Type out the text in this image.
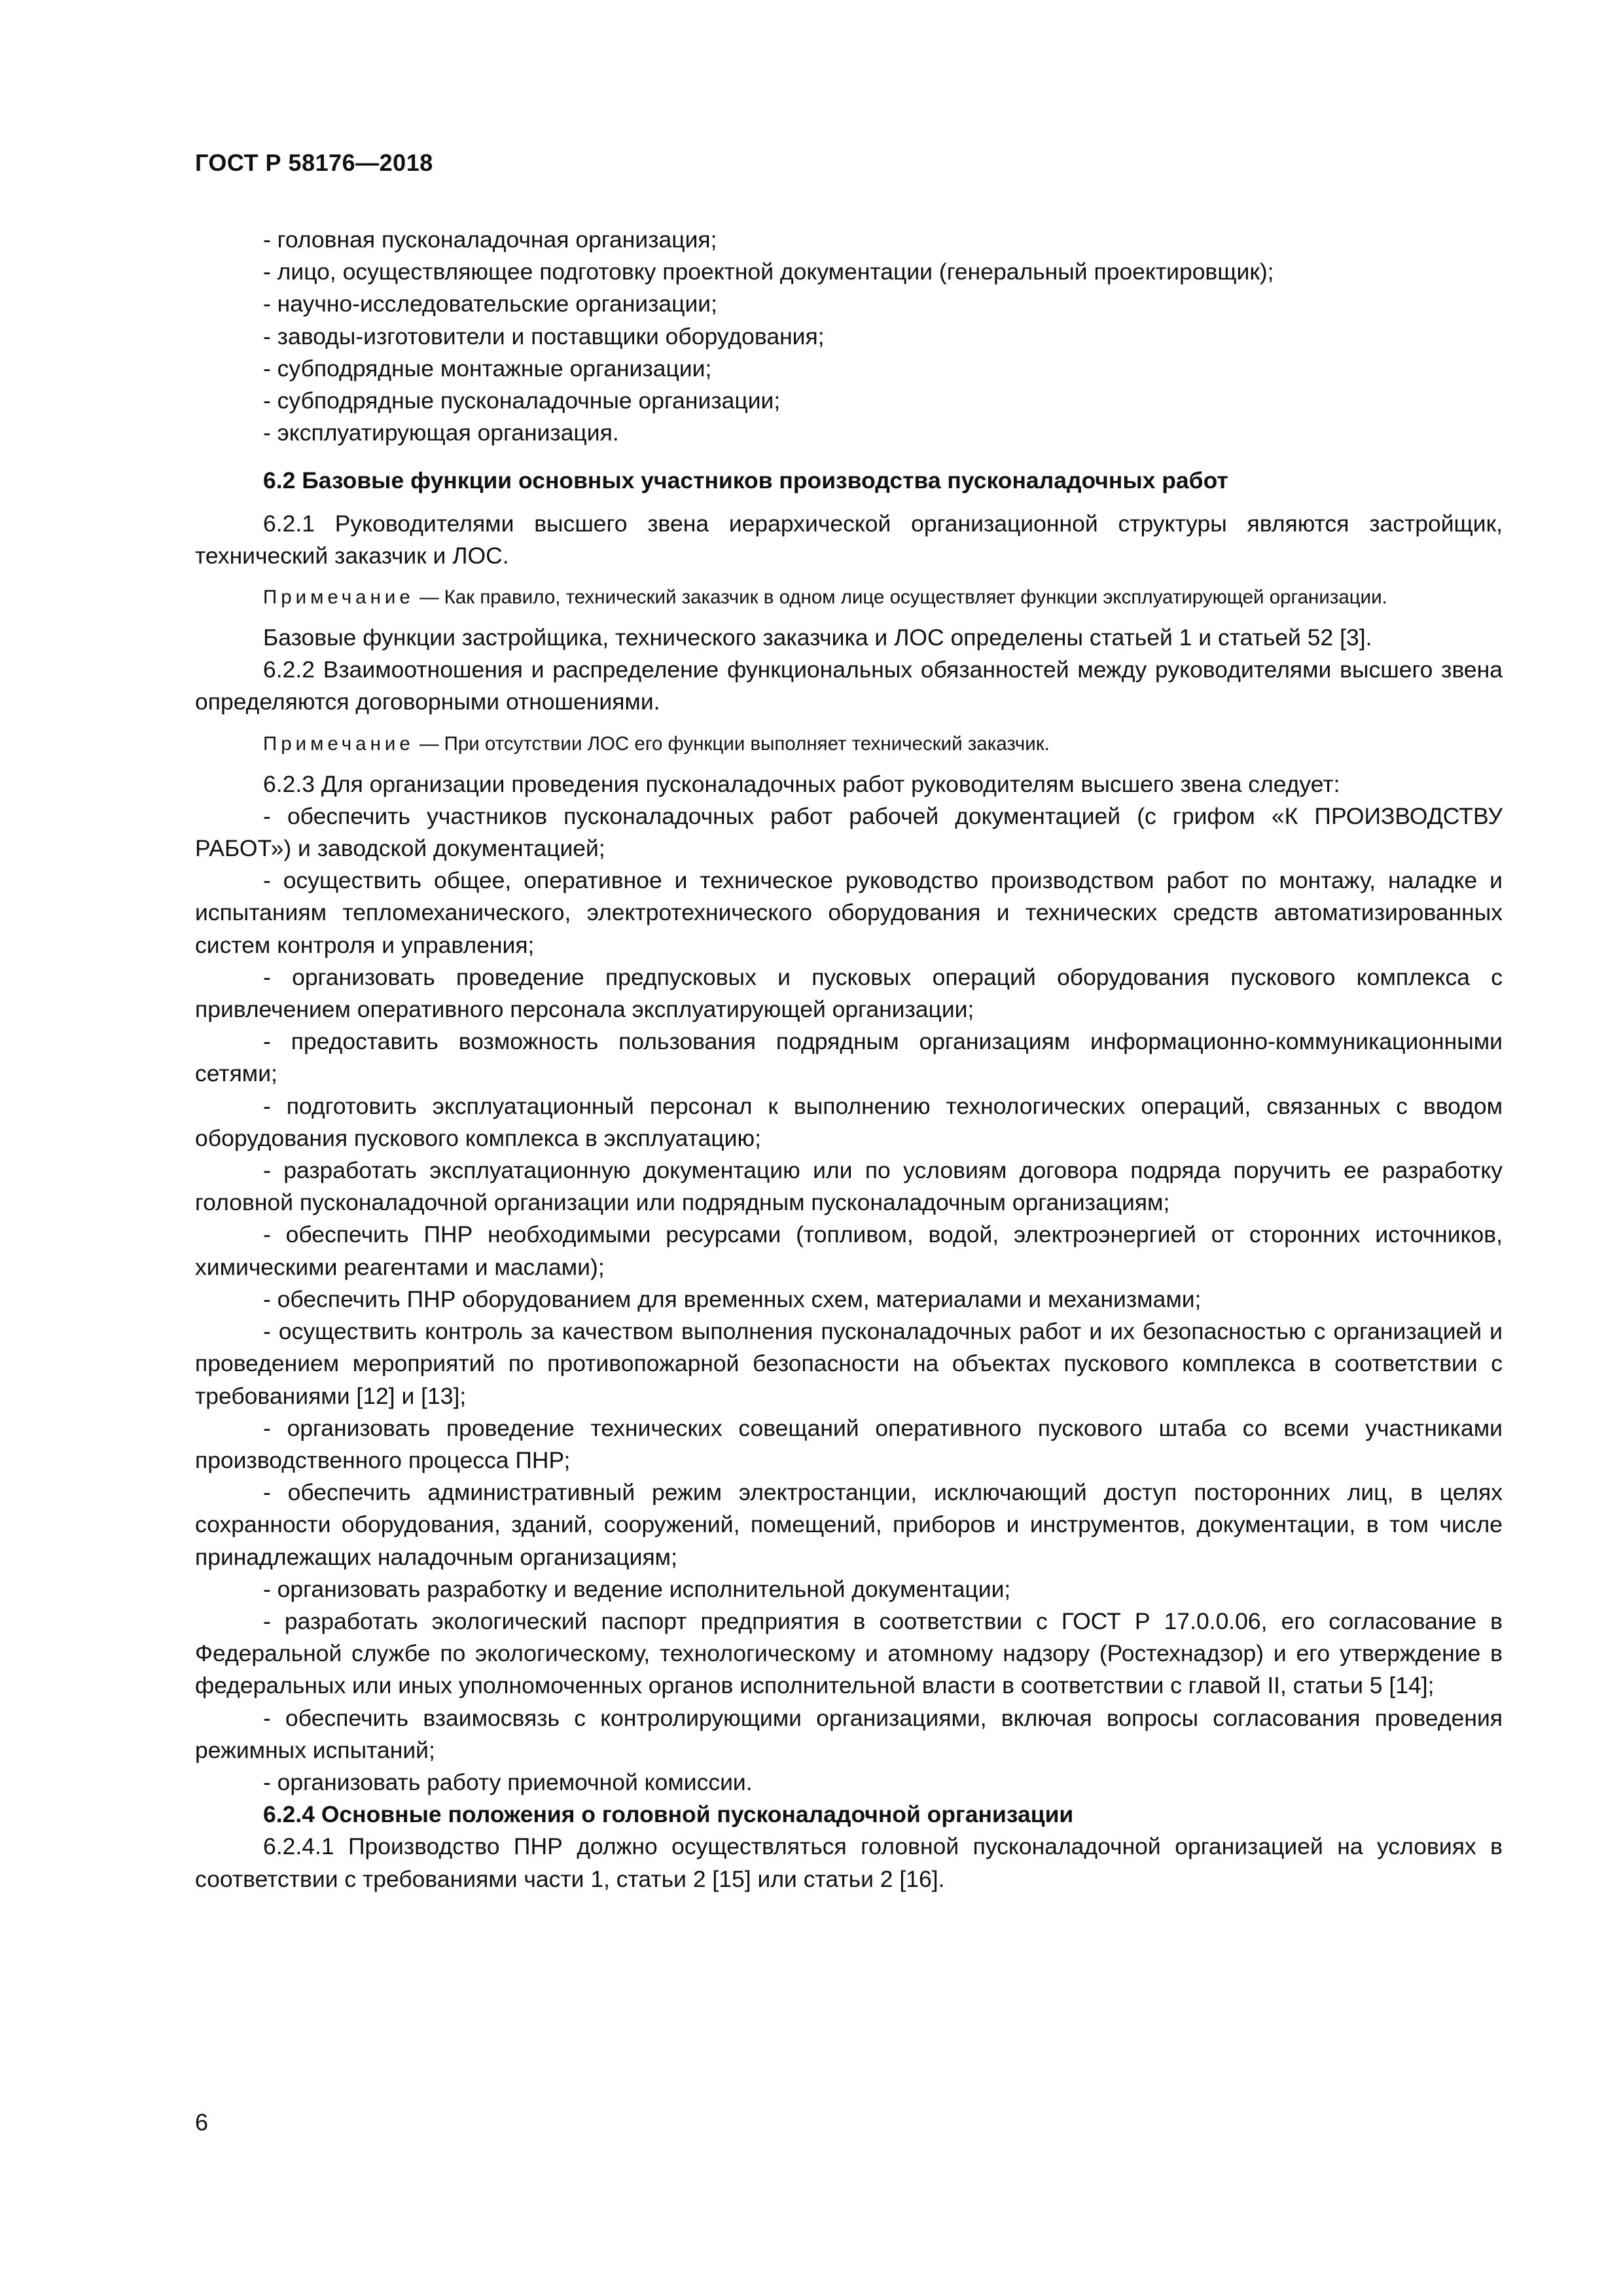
ГОСТ Р 58176—2018

- головная пусконаладочная организация;

- лицо, осуществляющее подготовку проектной документации (генеральный проектировщик);

- научно-исследовательские организации;

- заводы-изготовители и поставщики оборудования;

- субподрядные монтажные организации;

- субподрядные пусконаладочные организации;

- эксплуатирующая организация.

6.2 Базовые функции основных участников производства пусконаладочных работ

6.2.1 Руководителями высшего звена иерархической организационной структуры являются застройщик, технический заказчик и ЛОС.

Примечание — Как правило, технический заказчик в одном лице осуществляет функции эксплуатирующей организации.

Базовые функции застройщика, технического заказчика и ЛОС определены статьей 1 и статьей 52 [3].

6.2.2 Взаимоотношения и распределение функциональных обязанностей между руководителями высшего звена определяются договорными отношениями.

Примечание — При отсутствии ЛОС его функции выполняет технический заказчик.

6.2.3 Для организации проведения пусконаладочных работ руководителям высшего звена следует:

- обеспечить участников пусконаладочных работ рабочей документацией (с грифом «К ПРОИЗВОДСТВУ РАБОТ») и заводской документацией;

- осуществить общее, оперативное и техническое руководство производством работ по монтажу, наладке и испытаниям тепломеханического, электротехнического оборудования и технических средств автоматизированных систем контроля и управления;

- организовать проведение предпусковых и пусковых операций оборудования пускового комплекса с привлечением оперативного персонала эксплуатирующей организации;

- предоставить возможность пользования подрядным организациям информационно-коммуникационными сетями;

- подготовить эксплуатационный персонал к выполнению технологических операций, связанных с вводом оборудования пускового комплекса в эксплуатацию;

- разработать эксплуатационную документацию или по условиям договора подряда поручить ее разработку головной пусконаладочной организации или подрядным пусконаладочным организациям;

- обеспечить ПНР необходимыми ресурсами (топливом, водой, электроэнергией от сторонних источников, химическими реагентами и маслами);

- обеспечить ПНР оборудованием для временных схем, материалами и механизмами;

- осуществить контроль за качеством выполнения пусконаладочных работ и их безопасностью с организацией и проведением мероприятий по противопожарной безопасности на объектах пускового комплекса в соответствии с требованиями [12] и [13];

- организовать проведение технических совещаний оперативного пускового штаба со всеми участниками производственного процесса ПНР;

- обеспечить административный режим электростанции, исключающий доступ посторонних лиц, в целях сохранности оборудования, зданий, сооружений, помещений, приборов и инструментов, документации, в том числе принадлежащих наладочным организациям;

- организовать разработку и ведение исполнительной документации;

- разработать экологический паспорт предприятия в соответствии с ГОСТ Р 17.0.0.06, его согласование в Федеральной службе по экологическому, технологическому и атомному надзору (Ростехнадзор) и его утверждение в федеральных или иных уполномоченных органов исполнительной власти в соответствии с главой II, статьи 5 [14];

- обеспечить взаимосвязь с контролирующими организациями, включая вопросы согласования проведения режимных испытаний;

- организовать работу приемочной комиссии.

6.2.4 Основные положения о головной пусконаладочной организации

6.2.4.1 Производство ПНР должно осуществляться головной пусконаладочной организацией на условиях в соответствии с требованиями части 1, статьи 2 [15] или статьи 2 [16].

6
